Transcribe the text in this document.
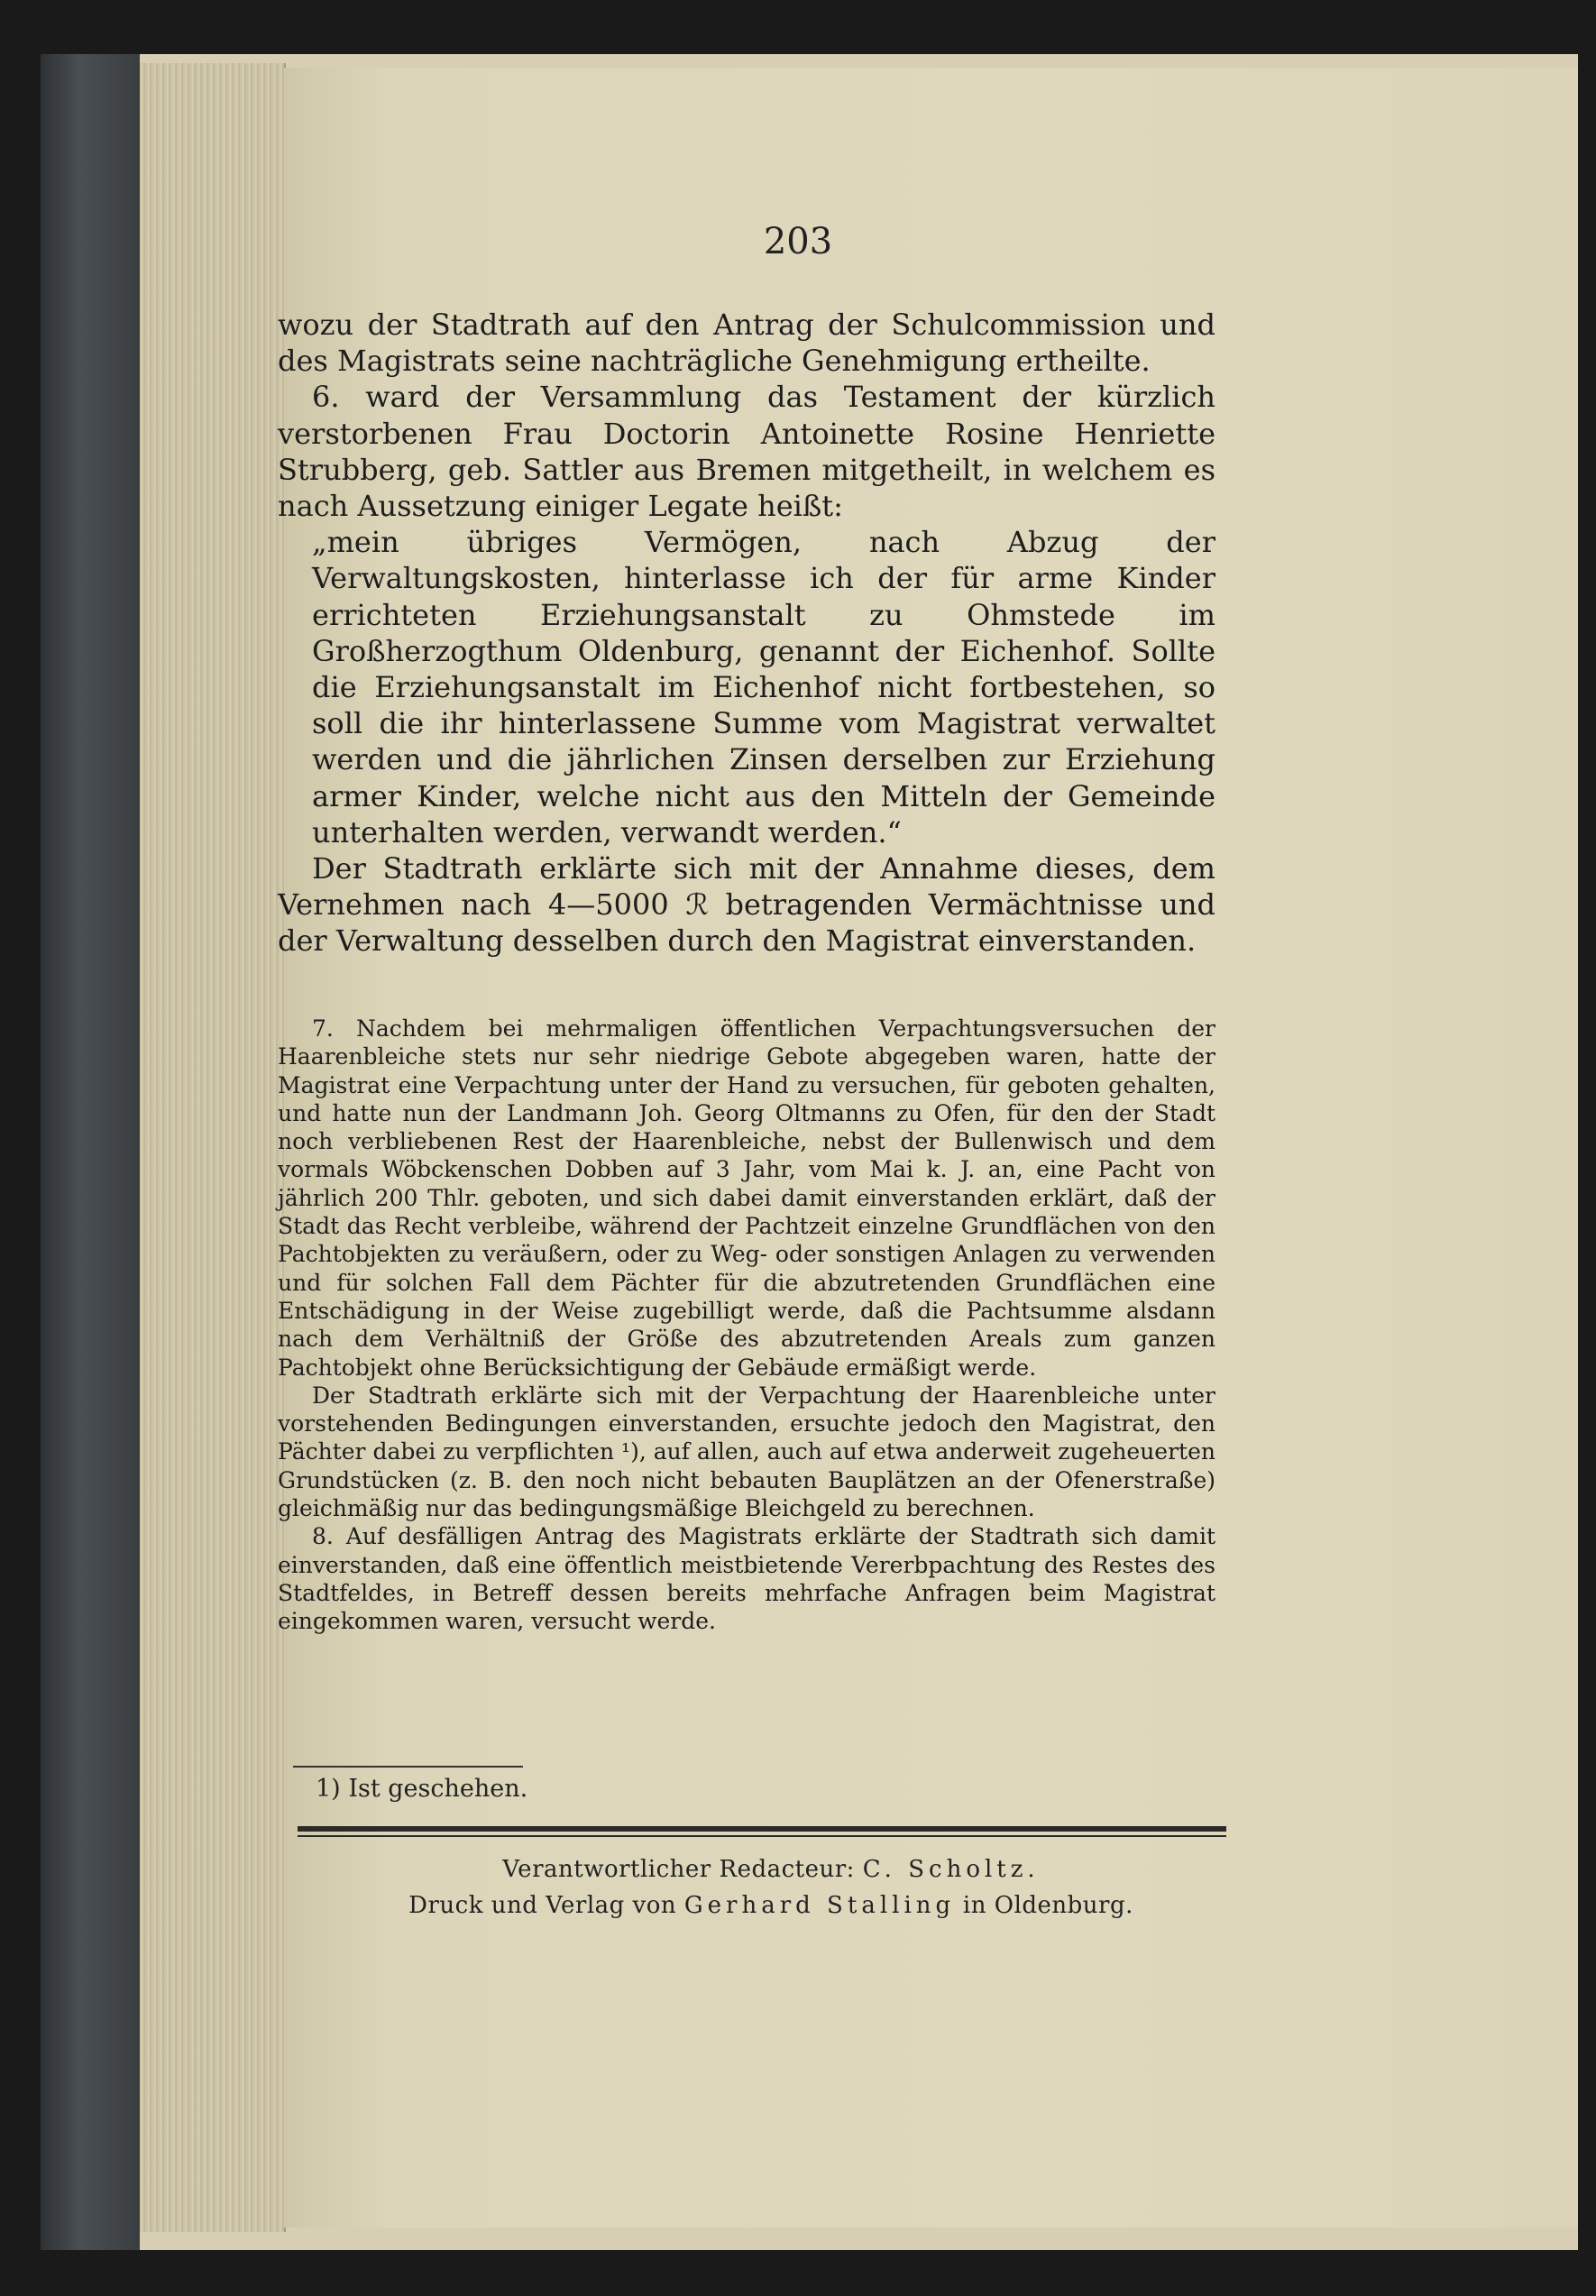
203

wozu der Stadtrath auf den Antrag der Schulcommission und des Magistrats seine nachträgliche Genehmigung ertheilte.

6. ward der Versammlung das Testament der kürzlich verstorbenen Frau Doctorin Antoinette Rosine Henriette Strubberg, geb. Sattler aus Bremen mitgetheilt, in welchem es nach Aussetzung einiger Legate heißt:

„mein übriges Vermögen, nach Abzug der Verwaltungskosten, hinterlasse ich der für arme Kinder errichteten Erziehungsanstalt zu Ohmstede im Großherzogthum Oldenburg, genannt der Eichenhof. Sollte die Erziehungsanstalt im Eichenhof nicht fortbestehen, so soll die ihr hinterlassene Summe vom Magistrat verwaltet werden und die jährlichen Zinsen derselben zur Erziehung armer Kinder, welche nicht aus den Mitteln der Gemeinde unterhalten werden, verwandt werden.“

Der Stadtrath erklärte sich mit der Annahme dieses, dem Vernehmen nach 4—5000 ℛ betragenden Vermächtnisse und der Verwaltung desselben durch den Magistrat einverstanden.

7. Nachdem bei mehrmaligen öffentlichen Verpachtungsversuchen der Haarenbleiche stets nur sehr niedrige Gebote abgegeben waren, hatte der Magistrat eine Verpachtung unter der Hand zu versuchen, für geboten gehalten, und hatte nun der Landmann Joh. Georg Oltmanns zu Ofen, für den der Stadt noch verbliebenen Rest der Haarenbleiche, nebst der Bullenwisch und dem vormals Wöbckenschen Dobben auf 3 Jahr, vom Mai k. J. an, eine Pacht von jährlich 200 Thlr. geboten, und sich dabei damit einverstanden erklärt, daß der Stadt das Recht verbleibe, während der Pachtzeit einzelne Grundflächen von den Pachtobjekten zu veräußern, oder zu Weg- oder sonstigen Anlagen zu verwenden und für solchen Fall dem Pächter für die abzutretenden Grundflächen eine Entschädigung in der Weise zugebilligt werde, daß die Pachtsumme alsdann nach dem Verhältniß der Größe des abzutretenden Areals zum ganzen Pachtobjekt ohne Berücksichtigung der Gebäude ermäßigt werde.

Der Stadtrath erklärte sich mit der Verpachtung der Haarenbleiche unter vorstehenden Bedingungen einverstanden, ersuchte jedoch den Magistrat, den Pächter dabei zu verpflichten ¹), auf allen, auch auf etwa anderweit zugeheuerten Grundstücken (z. B. den noch nicht bebauten Bauplätzen an der Ofenerstraße) gleichmäßig nur das bedingungsmäßige Bleichgeld zu berechnen.

8. Auf desfälligen Antrag des Magistrats erklärte der Stadtrath sich damit einverstanden, daß eine öffentlich meistbietende Vererbpachtung des Restes des Stadtfeldes, in Betreff dessen bereits mehrfache Anfragen beim Magistrat eingekommen waren, versucht werde.

1) Ist geschehen.
Verantwortlicher Redacteur: C. Scholtz.
Druck und Verlag von Gerhard Stalling in Oldenburg.
